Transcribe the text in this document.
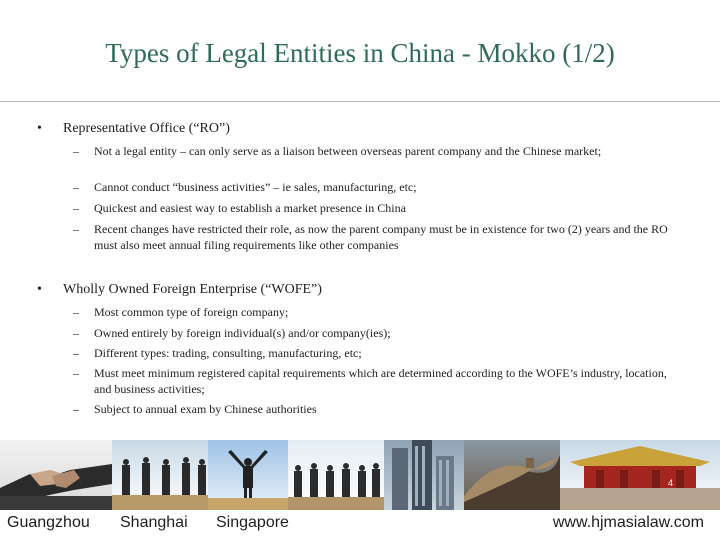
Types of Legal Entities in China - Mokko (1/2)
• Representative Office (“RO”)
– Not a legal entity – can only serve as a liaison between overseas parent company and the Chinese market;
– Cannot conduct “business activities” – ie sales, manufacturing, etc;
– Quickest and easiest way to establish a market presence in China
– Recent changes have restricted their role, as now the parent company must be in existence for two (2) years and the RO must also meet annual filing requirements like other companies
• Wholly Owned Foreign Enterprise (“WOFE”)
– Most common type of foreign company;
– Owned entirely by foreign individual(s) and/or company(ies);
– Different types: trading, consulting, manufacturing, etc;
– Must meet minimum registered capital requirements which are determined according to the WOFE’s industry, location, and business activities;
– Subject to annual exam by Chinese authorities
4
Guangzhou Shanghai Singapore	www.hjmasialaw.com
